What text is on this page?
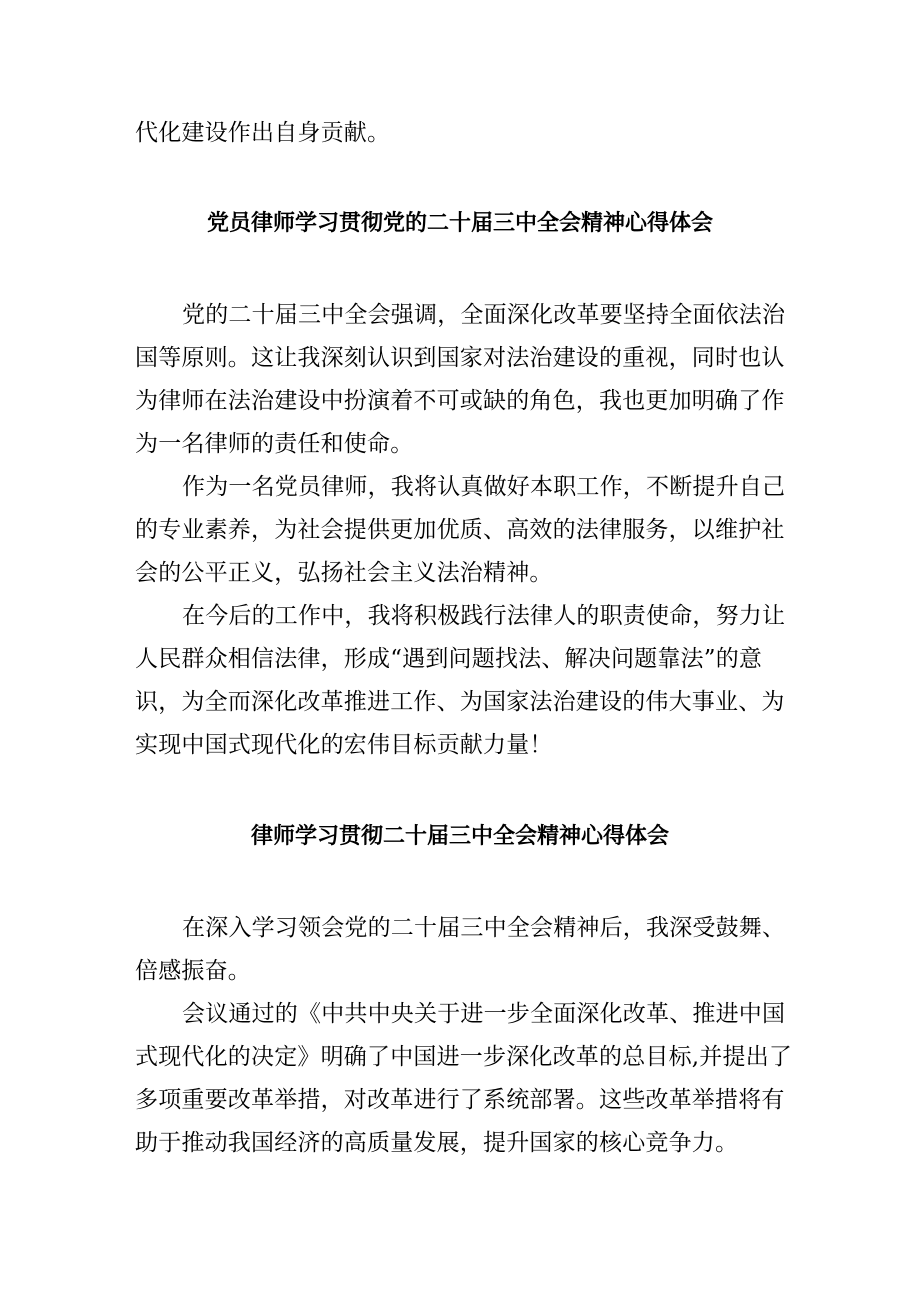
代化建设作出自身贡献。
党员律师学习贯彻党的二十届三中全会精神心得体会
党的二十届三中全会强调，全面深化改革要坚持全面依法治
国等原则。这让我深刻认识到国家对法治建设的重视，同时也认
为律师在法治建设中扮演着不可或缺的角色，我也更加明确了作
为一名律师的责任和使命。
作为一名党员律师，我将认真做好本职工作，不断提升自己
的专业素养，为社会提供更加优质、高效的法律服务，以维护社
会的公平正义，弘扬社会主义法治精神。
在今后的工作中，我将积极践行法律人的职责使命，努力让
人民群众相信法律，形成“遇到问题找法、解决问题靠法”的意
识，为全而深化改革推进工作、为国家法治建设的伟大事业、为
实现中国式现代化的宏伟目标贡献力量！
律师学习贯彻二十届三中全会精神心得体会
在深入学习领会党的二十届三中全会精神后，我深受鼓舞、
倍感振奋。
会议通过的《中共中央关于进一步全面深化改革、推进中国
式现代化的决定》明确了中国进一步深化改革的总目标,并提出了
多项重要改革举措，对改革进行了系统部署。这些改革举措将有
助于推动我国经济的高质量发展，提升国家的核心竞争力。
